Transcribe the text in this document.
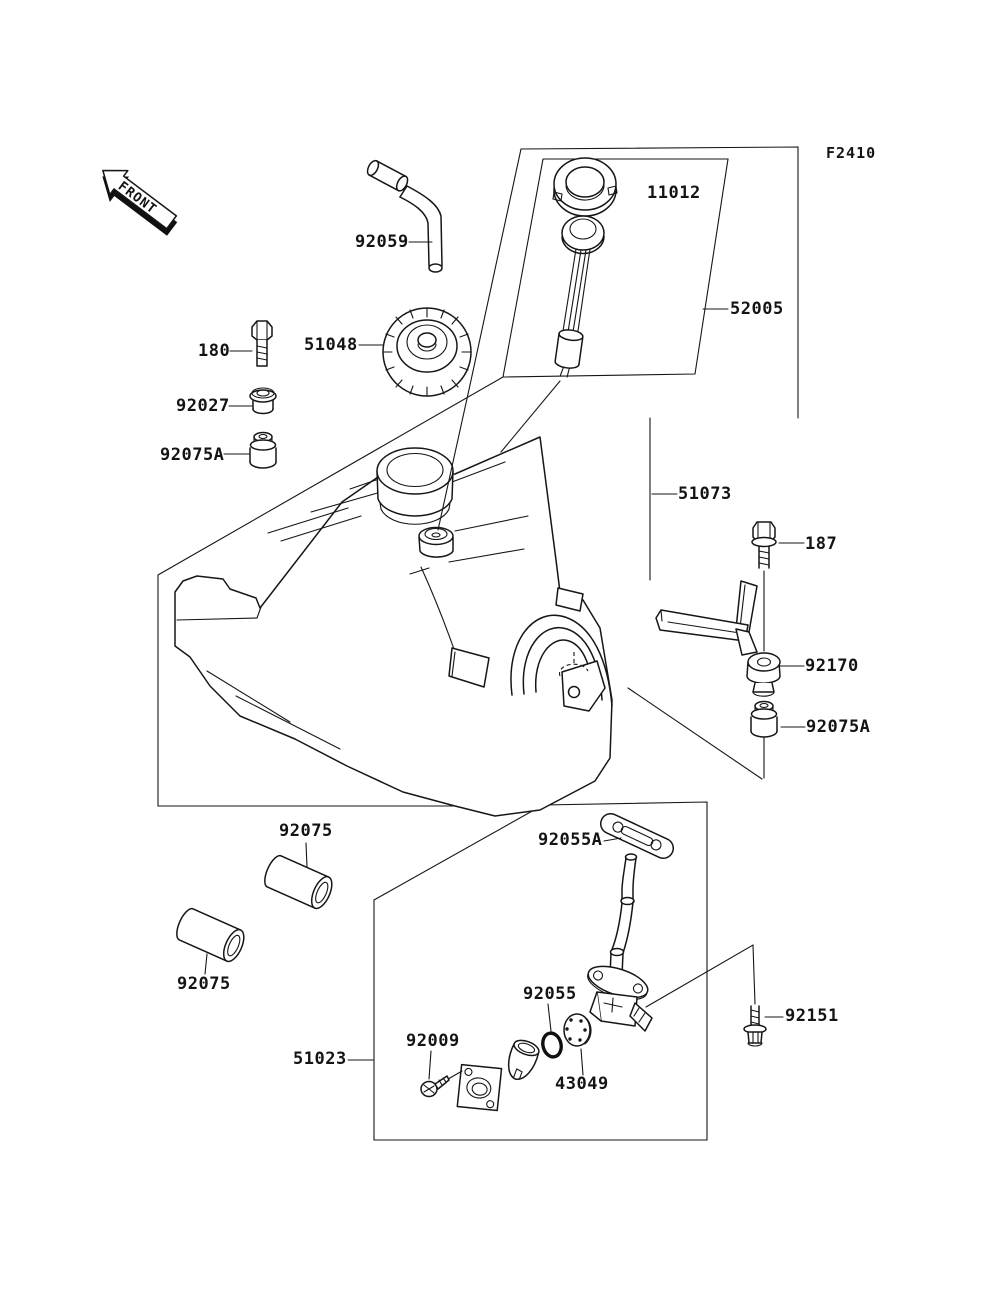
FRONT
F2410
92059
11012
52005
180	51048
92027
92075A
51073
187
92170
92075A
92075
92075
92055A
92055
92009
51023
43049
92151
